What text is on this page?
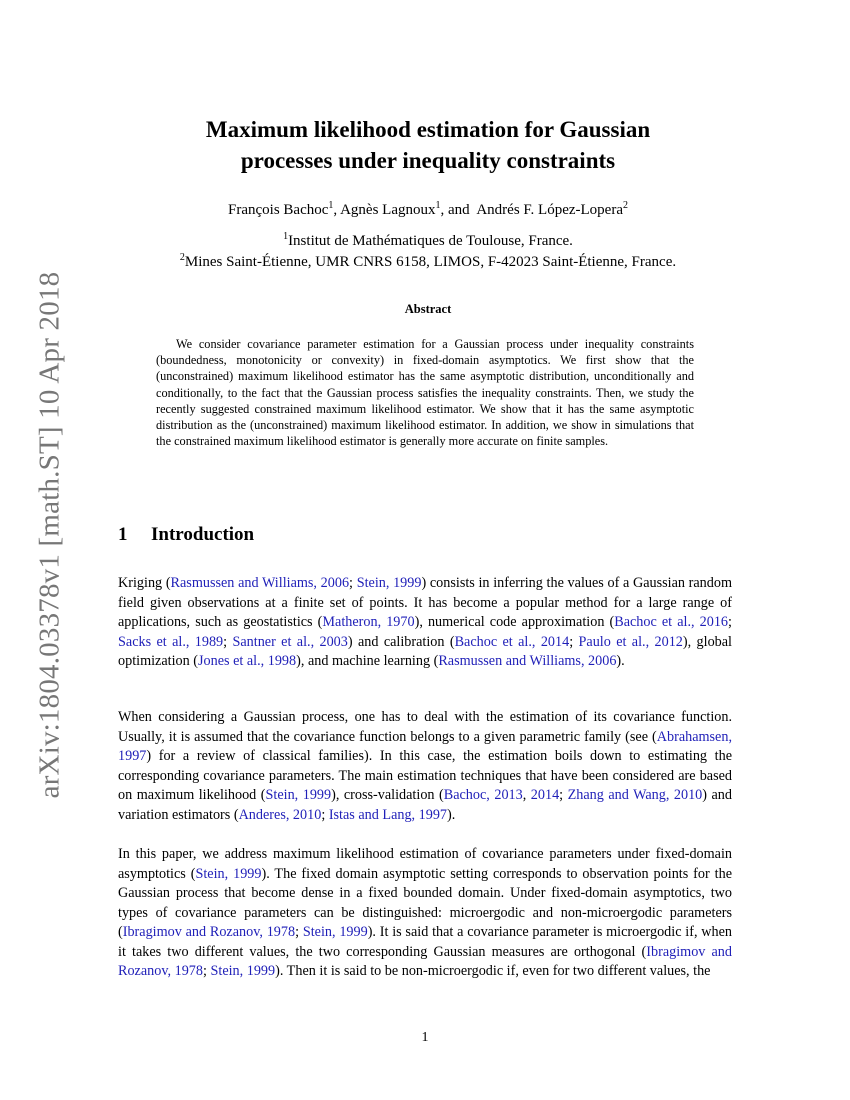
arXiv:1804.03378v1 [math.ST] 10 Apr 2018
Maximum likelihood estimation for Gaussian
processes under inequality constraints
François Bachoc$^1$, Agnès Lagnoux$^1$, and  Andrés F. López-Lopera$^2$
$^1$Institut de Mathématiques de Toulouse, France.
$^2$Mines Saint-Étienne, UMR CNRS 6158, LIMOS, F-42023 Saint-Étienne, France.
Abstract

We consider covariance parameter estimation for a Gaussian process under inequality constraints (boundedness, monotonicity or convexity) in fixed-domain asymptotics. We first show that the (unconstrained) maximum likelihood estimator has the same asymptotic distribution, unconditionally and conditionally, to the fact that the Gaussian process satisfies the inequality constraints. Then, we study the recently suggested constrained maximum likelihood estimator. We show that it has the same asymptotic distribution as the (unconstrained) maximum likelihood estimator. In addition, we show in simulations that the constrained maximum likelihood estimator is generally more accurate on finite samples.

1 Introduction

Kriging (Rasmussen and Williams, 2006; Stein, 1999) consists in inferring the values of a Gaussian random field given observations at a finite set of points. It has become a popular method for a large range of applications, such as geostatistics (Matheron, 1970), numerical code approximation (Bachoc et al., 2016; Sacks et al., 1989; Santner et al., 2003) and calibration (Bachoc et al., 2014; Paulo et al., 2012), global optimization (Jones et al., 1998), and machine learning (Rasmussen and Williams, 2006).

When considering a Gaussian process, one has to deal with the estimation of its covariance function. Usually, it is assumed that the covariance function belongs to a given parametric family (see (Abrahamsen, 1997) for a review of classical families). In this case, the estimation boils down to estimating the corresponding covariance parameters. The main estimation techniques that have been considered are based on maximum likelihood (Stein, 1999), cross-validation (Bachoc, 2013, 2014; Zhang and Wang, 2010) and variation estimators (Anderes, 2010; Istas and Lang, 1997).

In this paper, we address maximum likelihood estimation of covariance parameters under fixed-domain asymptotics (Stein, 1999). The fixed domain asymptotic setting corresponds to observation points for the Gaussian process that become dense in a fixed bounded domain. Under fixed-domain asymptotics, two types of covariance parameters can be distinguished: microergodic and non-microergodic parameters (Ibragimov and Rozanov, 1978; Stein, 1999). It is said that a covariance parameter is microergodic if, when it takes two different values, the two corresponding Gaussian measures are orthogonal (Ibragimov and Rozanov, 1978; Stein, 1999). Then it is said to be non-microergodic if, even for two different values, the

1
